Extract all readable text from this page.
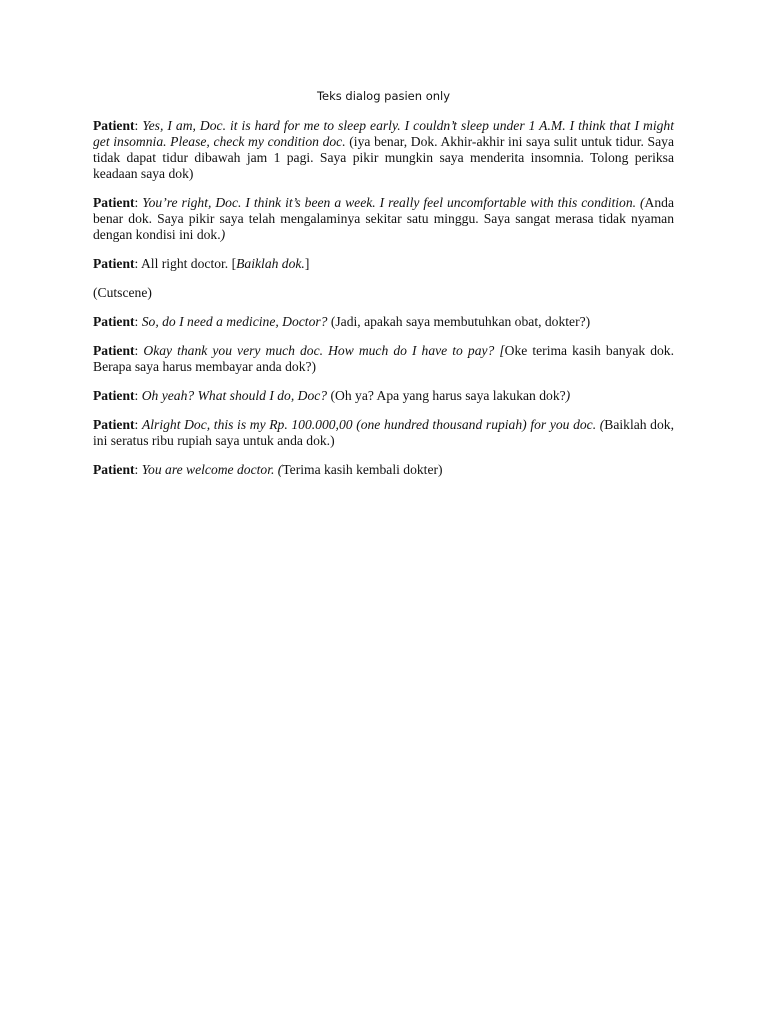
Teks dialog pasien only

Patient: Yes, I am, Doc. it is hard for me to sleep early. I couldn’t sleep under 1 A.M. I think that I might get insomnia. Please, check my condition doc. (iya benar, Dok. Akhir-akhir ini saya sulit untuk tidur. Saya tidak dapat tidur dibawah jam 1 pagi. Saya pikir mungkin saya menderita insomnia. Tolong periksa keadaan saya dok)

Patient: You’re right, Doc. I think it’s been a week. I really feel uncomfortable with this condition. (Anda benar dok. Saya pikir saya telah mengalaminya sekitar satu minggu. Saya sangat merasa tidak nyaman dengan kondisi ini dok.)

Patient: All right doctor. [Baiklah dok.]

(Cutscene)

Patient: So, do I need a medicine, Doctor? (Jadi, apakah saya membutuhkan obat, dokter?)

Patient: Okay thank you very much doc. How much do I have to pay? [Oke terima kasih banyak dok. Berapa saya harus membayar anda dok?)

Patient: Oh yeah? What should I do, Doc? (Oh ya? Apa yang harus saya lakukan dok?)

Patient: Alright Doc, this is my Rp. 100.000,00 (one hundred thousand rupiah) for you doc. (Baiklah dok, ini seratus ribu rupiah saya untuk anda dok.)

Patient: You are welcome doctor. (Terima kasih kembali dokter)
